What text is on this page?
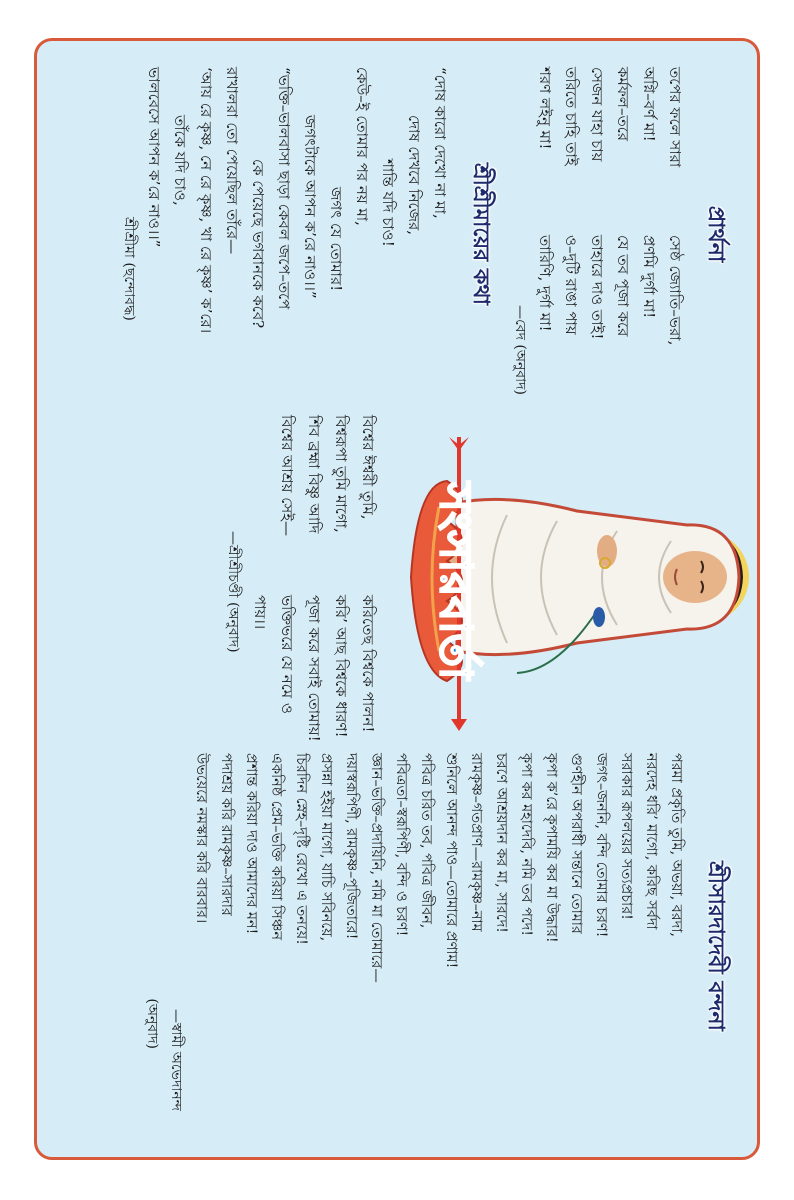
প্রার্থনা
তপের ফলে সারা
সেষ্ঠ জ্যোতি–ভরা,
অগ্নি–বর্ণ মা!
প্রণমি দুর্গা মা!
কর্মফল–তরে
যে তব পূজা করে
সেজন যাহা চায়
তাহারে দাও তাই!
তরিতে চাহি তাই
ও–দুটি রাঙা পায়
শরণ লইনু মা!
তারিণি, দুর্গা মা!
—বেদ (অনুবাদ)
শ্রীশ্রীমায়ের কথা
“দোষ কারো দেখো না মা,
দোষ দেখবে নিজের,
শান্তি যদি চাও!
কেউ–ই তোমার পর নয় মা,
জগৎ যে তোমার!
জগৎটাকে আপন ক’রে নাও।।”
“ভক্তি–ভালবাসা ছাড়া কেবল জপে–তপে
কে পেয়েছে ভগবানকে কবে?
রাখালরা তো পেয়েছিল তাঁরে—
‘আয় রে কৃষ্ণ, নে রে কৃষ্ণ, খা রে কৃষ্ণ’ ক’রে।
তাঁকে যদি চাও,
ভালবেসে আপন ক’রে নাও।।”
শ্রীশ্রীমা (ছন্দোবদ্ধ)
সংসারবার্তা
বিশ্বের ঈশ্বরী তুমি,
করিতেছ বিশ্বকে পালন!
বিশ্বরূপা তুমি মাগো,
করি’ আছ বিশ্বকে ধারণ!
শিব ব্রহ্মা বিষ্ণু আদি
পূজা করে সবাই তোমায়!
বিশ্বের আশ্রয় সেই—
ভক্তিভরে যে নমে ও পায়।।
—শ্রীশ্রীচণ্ডী (অনুবাদ)
শ্রীসারদাদেবী বন্দনা
পরমা প্রকৃতি তুমি, অভয়া, বরদা,
নরদেহ ধরি’ মাগো, করিছ সর্বদা
সরাকার রূপলয়ের সত্যপ্রচার!
জগৎ–জননি, বন্দি তোমার চরণ!
গুণহীন অপরাধী সন্তানে তোমার
কৃপা ক’রে কৃপাময়ি কর মা উদ্ধার!
কৃপা কর মহাদেবি, নমি তব পদে!
চরণে আশ্রয়দান কর মা, সারদে!
রামকৃষ্ণ–গতপ্রাণ—রামকৃষ্ণ–নাম
শুনিলে আনন্দ পাও—তোমারে প্রণাম!
পবিত্র চরিত তব, পবিত্র জীবন,
পবিত্রতা–স্বরূপিণী, বন্দি ও চরণ!
জ্ঞান–ভক্তি–প্রদায়িনি, নমি মা তোমারে—
দয়াস্বরূপিণী, রামকৃষ্ণ–পূজিতারে!
প্রসন্না হইয়া মাগো, যাচি সবিনয়ে,
চিরদিন স্নেহ–দৃষ্টি রেখো এ তনয়ে!
একনিষ্ঠ প্রেম–ভক্তি করিয়া সিঞ্চন
প্রশান্ত করিয়া দাও আমাদের মন!
পদাশ্রয় করি রামকৃষ্ণ–সারদার
উভয়েরে নমস্কার করি বারবার।
—স্বামী অভেদানন্দ
(অনুবাদ)
